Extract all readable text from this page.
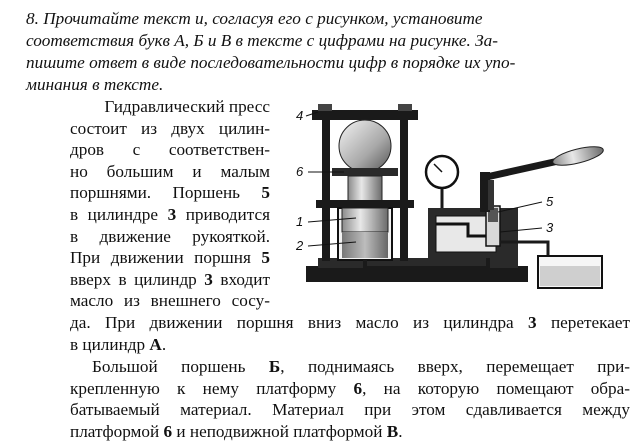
8. Прочитайте текст и, согласуя его с рисунком, установите
соответствия букв А, Б и В в тексте с цифрами на рисунке. За-
пишите ответ в виде последовательности цифр в порядке их упо-
минания в тексте.
Гидравлический пресс
состоит из двух цилин-
дров с соответствен-
но большим и малым
поршнями. Поршень 5
в цилиндре 3 приводится
в движение рукояткой.
При движении поршня 5
вверх в цилиндр 3 входит
масло из внешнего сосу-
да. При движении поршня вниз масло из цилиндра 3 перетекает
в цилиндр А.
Большой поршень Б, поднимаясь вверх, перемещает при-
крепленную к нему платформу 6, на которую помещают обра-
батываемый материал. Материал при этом сдавливается между
платформой 6 и неподвижной платформой В.
4
6
1
2
5
3
